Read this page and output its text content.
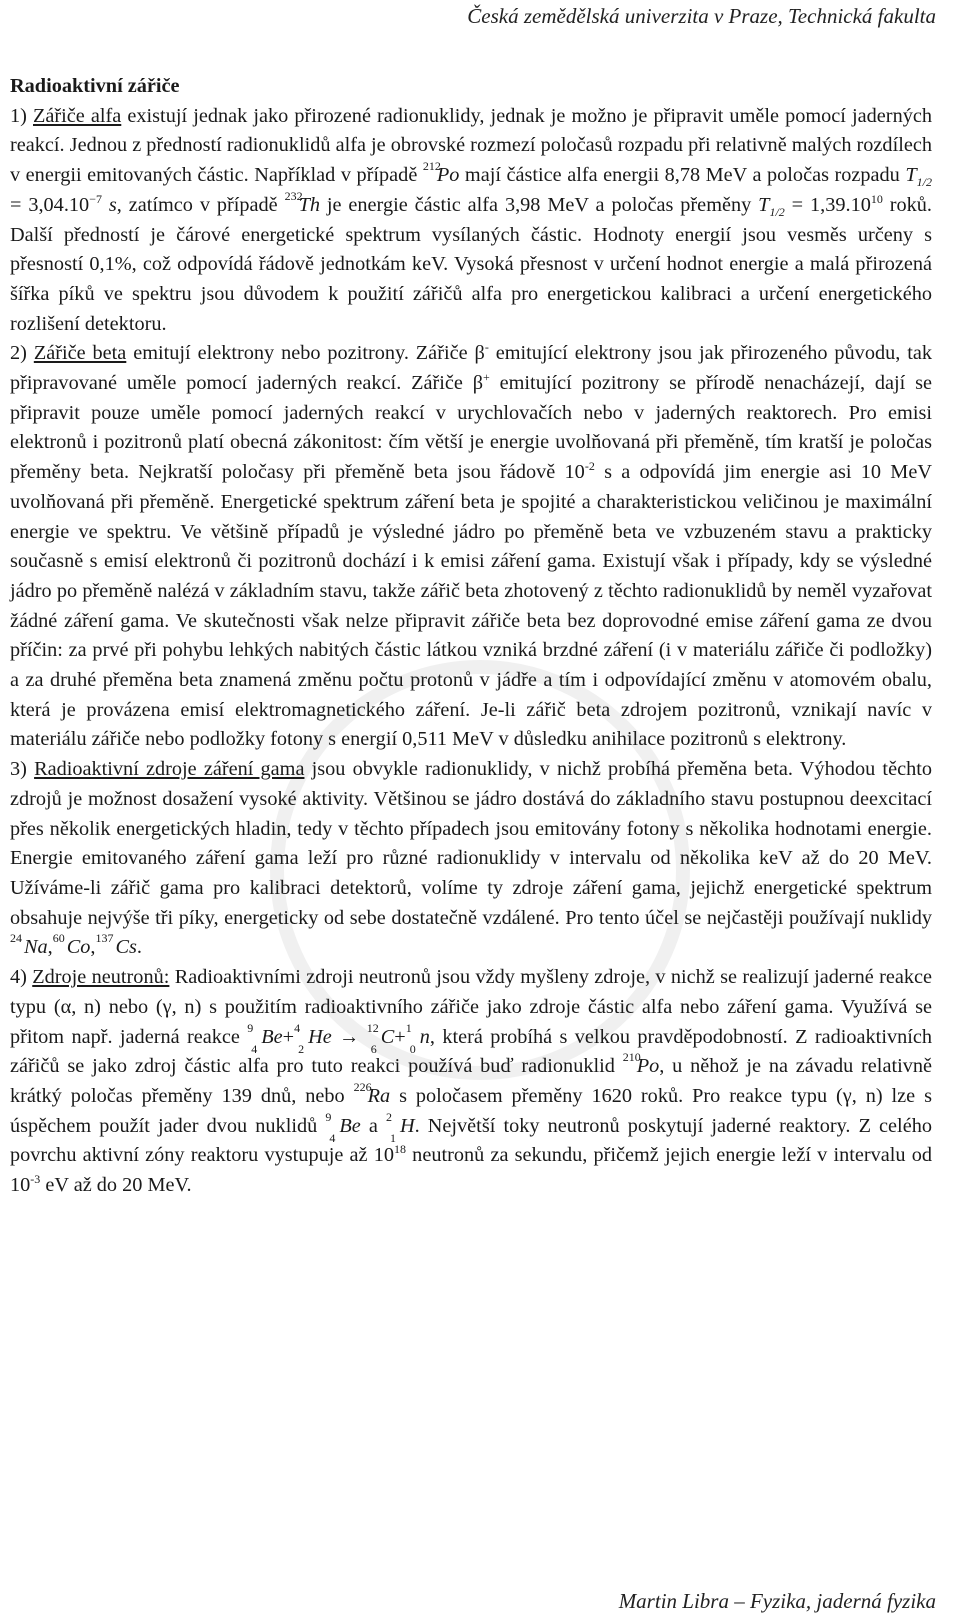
Česká zemědělská univerzita v Praze, Technická fakulta

Radioaktivní zářiče

1) Zářiče alfa existují jednak jako přirozené radionuklidy, jednak je možno je připravit uměle pomocí jaderných reakcí. Jednou z předností radionuklidů alfa je obrovské rozmezí poločasů rozpadu při relativně malých rozdílech v energii emitovaných částic. Například v případě 212
Po mají částice alfa energii 8,78 MeV a poločas rozpadu $T_{1/2} = 3,04.10^{-7}$ s, zatímco v případě 232
Th je energie částic alfa 3,98 MeV a poločas přeměny $T_{1/2} = 1,39.10^{10}$ roků. Další předností je čárové energetické spektrum vysílaných částic. Hodnoty energií jsou vesměs určeny s přesností 0,1%, což odpovídá řádově jednotkám keV. Vysoká přesnost v určení hodnot energie a malá přirozená šířka píků ve spektru jsou důvodem k použití zářičů alfa pro energetickou kalibraci a určení energetického rozlišení detektoru.

2) Zářiče beta emitují elektrony nebo pozitrony. Zářiče β- emitující elektrony jsou jak přirozeného původu, tak připravované uměle pomocí jaderných reakcí. Zářiče β+ emitující pozitrony se přírodě nenacházejí, dají se připravit pouze uměle pomocí jaderných reakcí v urychlovačích nebo v jaderných reaktorech. Pro emisi elektronů i pozitronů platí obecná zákonitost: čím větší je energie uvolňovaná při přeměně, tím kratší je poločas přeměny beta. Nejkratší poločasy při přeměně beta jsou řádově $10^{-2}$ s a odpovídá jim energie asi 10 MeV uvolňovaná při přeměně. Energetické spektrum záření beta je spojité a charakteristickou veličinou je maximální energie ve spektru. Ve většině případů je výsledné jádro po přeměně beta ve vzbuzeném stavu a prakticky současně s emisí elektronů či pozitronů dochází i k emisi záření gama. Existují však i případy, kdy se výsledné jádro po přeměně nalézá v základním stavu, takže zářič beta zhotovený z těchto radionuklidů by neměl vyzařovat žádné záření gama. Ve skutečnosti však nelze připravit zářiče beta bez doprovodné emise záření gama ze dvou příčin: za prvé při pohybu lehkých nabitých částic látkou vzniká brzdné záření (i v materiálu zářiče či podložky) a za druhé přeměna beta znamená změnu počtu protonů v jádře a tím i odpovídající změnu v atomovém obalu, která je provázena emisí elektromagnetického záření. Je-li zářič beta zdrojem pozitronů, vznikají navíc v materiálu zářiče nebo podložky fotony s energií 0,511 MeV v důsledku anihilace pozitronů s elektrony.

3) Radioaktivní zdroje záření gama jsou obvykle radionuklidy, v nichž probíhá přeměna beta. Výhodou těchto zdrojů je možnost dosažení vysoké aktivity. Většinou se jádro dostává do základního stavu postupnou deexcitací přes několik energetických hladin, tedy v těchto případech jsou emitovány fotony s několika hodnotami energie. Energie emitovaného záření gama leží pro různé radionuklidy v intervalu od několika keV až do 20 MeV. Užíváme-li zářič gama pro kalibraci detektorů, volíme ty zdroje záření gama, jejichž energetické spektrum obsahuje nejvýše tři píky, energeticky od sebe dostatečně vzdálené. Pro tento účel se nejčastěji používají nuklidy
24 Na, 60 Co, 137 Cs.

4) Zdroje neutronů: Radioaktivními zdroji neutronů jsou vždy myšleny zdroje, v nichž se realizují jaderné reakce typu (α, n) nebo (γ, n) s použitím radioaktivního zářiče jako zdroje částic alfa nebo záření gama. Využívá se přitom např. jaderná reakce 9
4
Be+ 4
2
He → 12
6
C+ 1
0
n, která probíhá s velkou pravděpodobností. Z radioaktivních zářičů se jako zdroj částic alfa pro tuto reakci používá buď radionuklid 210
Po, u něhož je na závadu relativně krátký poločas přeměny 139 dnů, nebo 226
Ra s poločasem přeměny 1620 roků. Pro reakce typu (γ, n) lze s úspěchem použít jader dvou nuklidů 9
4
Be a 2
1
H. Největší toky neutronů poskytují jaderné reaktory. Z celého povrchu aktivní zóny reaktoru vystupuje až $10^{18}$ neutronů za sekundu, přičemž jejich energie leží v intervalu od $10^{-3}$ eV až do 20 MeV.

Martin Libra – Fyzika, jaderná fyzika
